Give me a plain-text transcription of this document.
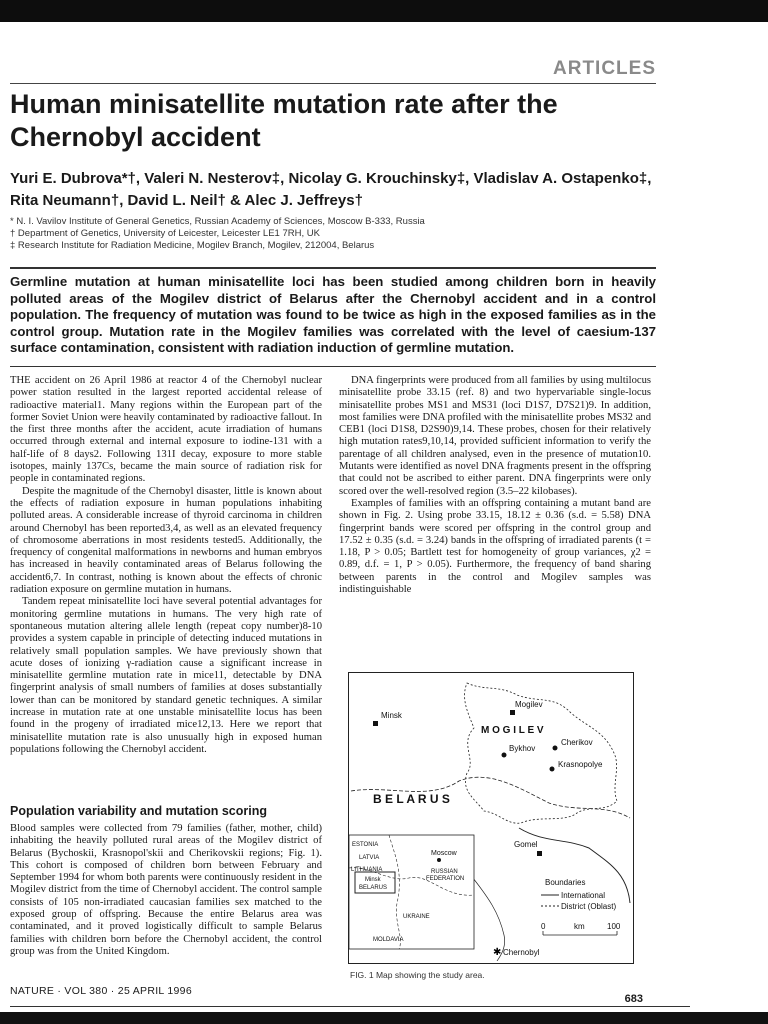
ARTICLES
Human minisatellite mutation rate after the Chernobyl accident

Yuri E. Dubrova*†, Valeri N. Nesterov‡, Nicolay G. Krouchinsky‡, Vladislav A. Ostapenko‡, Rita Neumann†, David L. Neil† & Alec J. Jeffreys†

* N. I. Vavilov Institute of General Genetics, Russian Academy of Sciences, Moscow B-333, Russia
† Department of Genetics, University of Leicester, Leicester LE1 7RH, UK
‡ Research Institute for Radiation Medicine, Mogilev Branch, Mogilev, 212004, Belarus

Germline mutation at human minisatellite loci has been studied among children born in heavily polluted areas of the Mogilev district of Belarus after the Chernobyl accident and in a control population. The frequency of mutation was found to be twice as high in the exposed families as in the control group. Mutation rate in the Mogilev families was correlated with the level of caesium-137 surface contamination, consistent with radiation induction of germline mutation.

THE accident on 26 April 1986 at reactor 4 of the Chernobyl nuclear power station resulted in the largest reported accidental release of radioactive material1. Many regions within the European part of the former Soviet Union were heavily contaminated by radioactive fallout. In the first three months after the accident, acute irradiation of humans occurred through external and internal exposure to iodine-131 with a half-life of 8 days2. Following 131I decay, exposure to more stable isotopes, mainly 137Cs, became the main source of radiation risk for people in contaminated regions.

Despite the magnitude of the Chernobyl disaster, little is known about the effects of radiation exposure in human populations inhabiting polluted areas. A considerable increase of thyroid carcinoma in children around Chernobyl has been reported3,4, as well as an elevated frequency of chromosome aberrations in most residents tested5. Additionally, the frequency of congenital malformations in newborns and human embryos has increased in heavily contaminated areas of Belarus following the accident6,7. In contrast, nothing is known about the effects of chronic radiation exposure on germline mutation in humans.

Tandem repeat minisatellite loci have several potential advantages for monitoring germline mutations in humans. The very high rate of spontaneous mutation altering allele length (repeat copy number)8-10 provides a system capable in principle of detecting induced mutations in relatively small population samples. We have previously shown that acute doses of ionizing γ-radiation cause a significant increase in minisatellite germline mutation rate in mice11, detectable by DNA fingerprint analysis of small numbers of families at doses substantially lower than can be monitored by standard genetic techniques. A similar increase in mutation rate at one unstable minisatellite locus has been found in the progeny of irradiated mice12,13. Here we report that minisatellite mutation rate is also unusually high in exposed human populations following the Chernobyl accident.

Population variability and mutation scoring

Blood samples were collected from 79 families (father, mother, child) inhabiting the heavily polluted rural areas of the Mogilev district of Belarus (Bychoskii, Krasnopol'skii and Cherikovskii regions; Fig. 1). This cohort is composed of children born between February and September 1994 for whom both parents were continuously resident in the Mogilev district from the time of Chernobyl accident. The control sample consists of 105 non-irradiated caucasian families sex matched to the exposed group of offspring. Because the entire Belarus area was contaminated, and it proved logistically difficult to sample Belarus families with children born before the Chernobyl accident, the control group was from the United Kingdom.

DNA fingerprints were produced from all families by using multilocus minisatellite probe 33.15 (ref. 8) and two hypervariable single-locus minisatellite probes MS1 and MS31 (loci D1S7, D7S21)9. In addition, most families were DNA profiled with the minisatellite probes MS32 and CEB1 (loci D1S8, D2S90)9,14. These probes, chosen for their relatively high mutation rates9,10,14, provided sufficient information to verify the parentage of all children analysed, even in the presence of mutation10. Mutants were identified as novel DNA fragments present in the offspring that could not be ascribed to either parent. DNA fingerprints were only scored over the well-resolved region (3.5–22 kilobases).

Examples of families with an offspring containing a mutant band are shown in Fig. 2. Using probe 33.15, 18.12 ± 0.36 (s.d. = 5.58) DNA fingerprint bands were scored per offspring in the control group and 17.52 ± 0.35 (s.d. = 3.24) bands in the offspring of irradiated parents (t = 1.18, P > 0.05; Bartlett test for homogeneity of group variances, χ2 = 0.89, d.f. = 1, P > 0.05). Furthermore, the frequency of band sharing between parents in the control and Mogilev samples was indistinguishable

Minsk
Mogilev
M O G I L E V
Bykhov
Cherikov
Krasnopolye
B E L A R U S
Gomel
✱ Chernobyl
ESTONIA
LATVIA
LITHUANIA
Moscow
RUSSIAN
FEDERATION
Minsk
BELARUS
UKRAINE
MOLDAVIA
Boundaries
International
District (Oblast)
0	km	100
FIG. 1 Map showing the study area.
NATURE · VOL 380 · 25 APRIL 1996
683
